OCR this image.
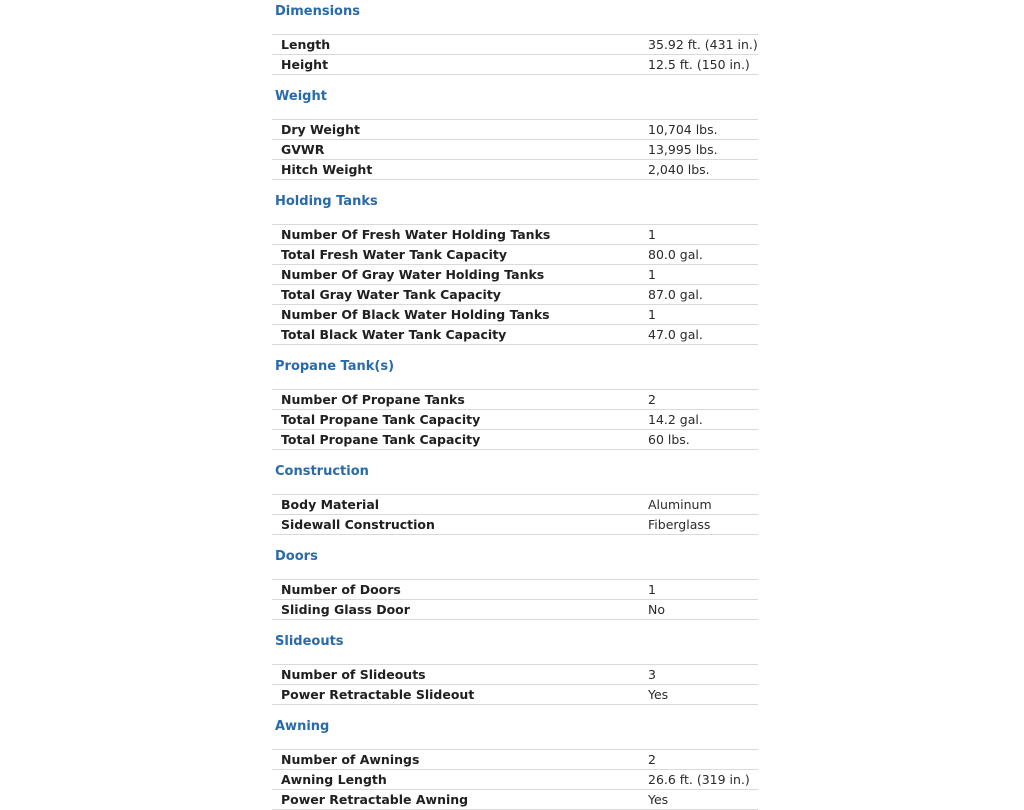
Dimensions
Length	35.92 ft. (431 in.)
Height	12.5 ft. (150 in.)
Weight
Dry Weight	10,704 lbs.
GVWR	13,995 lbs.
Hitch Weight	2,040 lbs.
Holding Tanks
Number Of Fresh Water Holding Tanks	1
Total Fresh Water Tank Capacity	80.0 gal.
Number Of Gray Water Holding Tanks	1
Total Gray Water Tank Capacity	87.0 gal.
Number Of Black Water Holding Tanks	1
Total Black Water Tank Capacity	47.0 gal.
Propane Tank(s)
Number Of Propane Tanks	2
Total Propane Tank Capacity	14.2 gal.
Total Propane Tank Capacity	60 lbs.
Construction
Body Material	Aluminum
Sidewall Construction	Fiberglass
Doors
Number of Doors	1
Sliding Glass Door	No
Slideouts
Number of Slideouts	3
Power Retractable Slideout	Yes
Awning
Number of Awnings	2
Awning Length	26.6 ft. (319 in.)
Power Retractable Awning	Yes
